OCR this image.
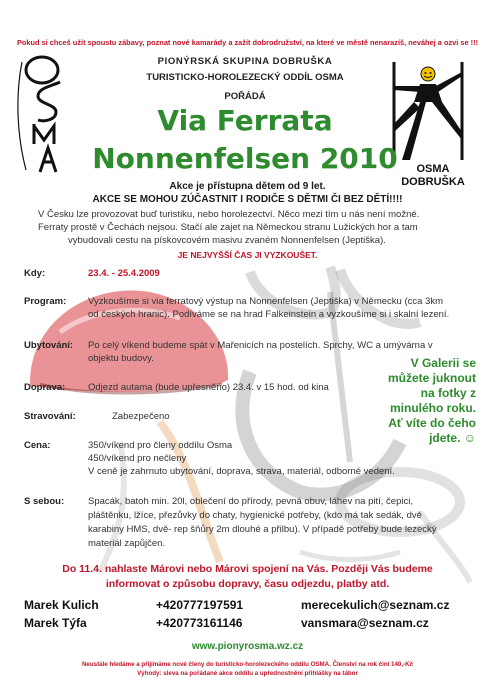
Pokud si chceš užít spoustu zábavy, poznat nové kamarády a zažít dobrodružství, na které ve městě nenarazíš, neváhej a ozvi se !!!
OSMA
DOBRUŠKA
PIONÝRSKÁ SKUPINA DOBRUŠKA
TURISTICKO-HOROLEZECKÝ ODDÍL OSMA
POŘÁDÁ
Via Ferrata
Nonnenfelsen 2010
Akce je přístupna dětem od 9 let.
AKCE SE MOHOU ZÚČASTNIT I RODIČE S DĚTMI ČI BEZ DĚTÍ!!!!
V Česku lze provozovat buď turistiku, nebo horolezectví. Něco mezi tím u nás není možné.
Ferraty prostě v Čechách nejsou. Stačí ale zajet na Německou stranu Lužických hor a tam
vybudovali cestu na pískovcovém masivu zvaném Nonnenfelsen (Jeptiška).
JE NEJVYŠŠÍ ČAS JI VYZKOUŠET.
Kdy:	23.4. - 25.4.2009
Program:	Vyzkoušíme si via ferratový výstup na Nonnenfelsen (Jeptiška) v Německu (cca 3km
od českých hranic). Podíváme se na hrad Falkeinstein a vyzkoušíme si i skalní lezení.
Ubytování:	Po celý víkend budeme spát v Mařenicích na postelích. Sprchy, WC a umývárna v
objektu budovy.
Doprava:	Odjezd autama (bude upřesněno) 23.4. v 15 hod. od kina
Stravování:	Zabezpečeno
Cena:	350/víkend pro členy oddílu Osma
450/víkend pro nečleny
V ceně je zahrnuto ubytování, doprava, strava, materiál, odborné vedení.
S sebou:	Spacák, batoh min. 20l, oblečení do přírody, pevná obuv, láhev na pití, čepici,
pláštěnku, lžíce, přezůvky do chaty, hygienické potřeby, (kdo má tak sedák, dvě
karabiny HMS, dvě- rep šňůry 2m dlouhé a přilbu). V případě potřeby bude lezecký
materiál zapůjčen.
V Galerii se
můžete juknout
na fotky z
minulého roku.
Ať víte do čeho
jdete. ☺
Do 11.4. nahlaste Márovi nebo Márovi spojení na Vás. Později Vás budeme
informovat o způsobu dopravy, času odjezdu, platby atd.
Marek Kulich	+420777197591	merecekulich@seznam.cz
Marek Týfa	+420773161146	vansmara@seznam.cz
www.pionyrosma.wz.cz
Neustále hledáme a přijímáme nové členy do turisticko-horolezeckého oddílu OSMA. Členství na rok činí 140,-Kč
Výhody: sleva na pořádané akce oddílu a upřednostnění přihlášky na tábor
